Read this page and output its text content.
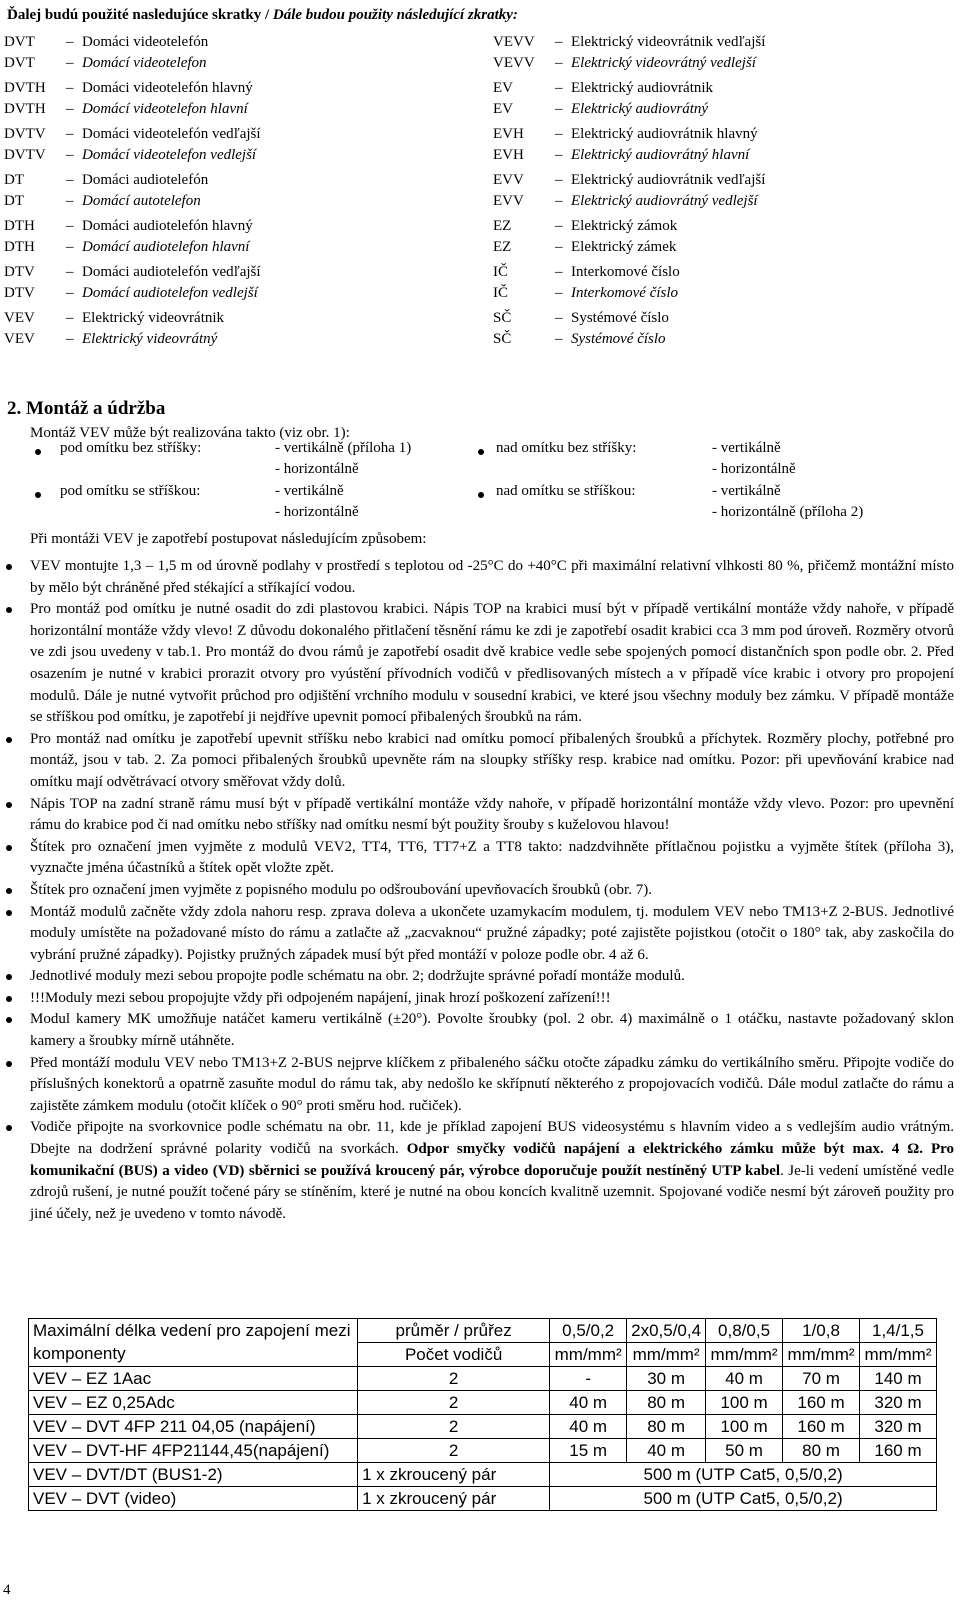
Ďalej budú použité nasledujúce skratky / Dále budou použity následující zkratky:
DVT	– Domáci videotelefón
DVT	– Domácí videotelefon
DVTH	– Domáci videotelefón hlavný
DVTH	– Domácí videotelefon hlavní
DVTV	– Domáci videotelefón vedľajší
DVTV	– Domácí videotelefon vedlejší
DT	– Domáci audiotelefón
DT	– Domácí autotelefon
DTH	– Domáci audiotelefón hlavný
DTH	– Domácí audiotelefon hlavní
DTV	– Domáci audiotelefón vedľajší
DTV	– Domácí audiotelefon vedlejší
VEV	– Elektrický videovrátnik
VEV	– Elektrický videovrátný
VEVV	– Elektrický videovrátnik vedľajší
VEVV	– Elektrický videovrátný vedlejší
EV	– Elektrický audiovrátnik
EV	– Elektrický audiovrátný
EVH	– Elektrický audiovrátnik hlavný
EVH	– Elektrický audiovrátný hlavní
EVV	– Elektrický audiovrátnik vedľajší
EVV	– Elektrický audiovrátný vedlejší
EZ	– Elektrický zámok
EZ	– Elektrický zámek
IČ	– Interkomové číslo
IČ	– Interkomové číslo
SČ	– Systémové číslo
SČ	– Systémové číslo
2. Montáž a údržba
Montáž VEV může být realizována takto (viz obr. 1):
pod omítku bez stříšky:	- vertikálně (příloha 1)
- horizontálně
pod omítku se stříškou:	- vertikálně
- horizontálně
nad omítku bez stříšky:	- vertikálně
- horizontálně
nad omítku se stříškou:	- vertikálně
- horizontálně (příloha 2)
Při montáži VEV je zapotřebí postupovat následujícím způsobem:
VEV montujte 1,3 – 1,5 m od úrovně podlahy v prostředí s teplotou od -25°C do +40°C při maximální relativní vlhkosti 80 %, přičemž montážní místo by mělo být chráněné před stékající a stříkající vodou.
Pro montáž pod omítku je nutné osadit do zdi plastovou krabici. Nápis TOP na krabici musí být v případě vertikální montáže vždy nahoře, v případě horizontální montáže vždy vlevo! Z důvodu dokonalého přitlačení těsnění rámu ke zdi je zapotřebí osadit krabici cca 3 mm pod úroveň. Rozměry otvorů ve zdi jsou uvedeny v tab.1. Pro montáž do dvou rámů je zapotřebí osadit dvě krabice vedle sebe spojených pomocí distančních spon podle obr. 2. Před osazením je nutné v krabici prorazit otvory pro vyústění přívodních vodičů v předlisovaných místech a v případě více krabic i otvory pro propojení modulů. Dále je nutné vytvořit průchod pro odjištění vrchního modulu v sousední krabici, ve které jsou všechny moduly bez zámku. V případě montáže se stříškou pod omítku, je zapotřebí ji nejdříve upevnit pomocí přibalených šroubků na rám.
Pro montáž nad omítku je zapotřebí upevnit stříšku nebo krabici nad omítku pomocí přibalených šroubků a příchytek. Rozměry plochy, potřebné pro montáž, jsou v tab. 2. Za pomoci přibalených šroubků upevněte rám na sloupky stříšky resp. krabice nad omítku. Pozor: při upevňování krabice nad omítku mají odvětrávací otvory směřovat vždy dolů.
Nápis TOP na zadní straně rámu musí být v případě vertikální montáže vždy nahoře, v případě horizontální montáže vždy vlevo. Pozor: pro upevnění rámu do krabice pod či nad omítku nebo stříšky nad omítku nesmí být použity šrouby s kuželovou hlavou!
Štítek pro označení jmen vyjměte z modulů VEV2, TT4, TT6, TT7+Z a TT8 takto: nadzdvihněte přítlačnou pojistku a vyjměte štítek (příloha 3), vyznačte jména účastníků a štítek opět vložte zpět.
Štítek pro označení jmen vyjměte z popisného modulu po odšroubování upevňovacích šroubků (obr. 7).
Montáž modulů začněte vždy zdola nahoru resp. zprava doleva a ukončete uzamykacím modulem, tj. modulem VEV nebo TM13+Z 2-BUS. Jednotlivé moduly umístěte na požadované místo do rámu a zatlačte až „zacvaknou“ pružné západky; poté zajistěte pojistkou (otočit o 180° tak, aby zaskočila do vybrání pružné západky). Pojistky pružných západek musí být před montáží v poloze podle obr. 4 až 6.
Jednotlivé moduly mezi sebou propojte podle schématu na obr. 2; dodržujte správné pořadí montáže modulů.
!!!Moduly mezi sebou propojujte vždy při odpojeném napájení, jinak hrozí poškození zařízení!!!
Modul kamery MK umožňuje natáčet kameru vertikálně (±20°). Povolte šroubky (pol. 2 obr. 4) maximálně o 1 otáčku, nastavte požadovaný sklon kamery a šroubky mírně utáhněte.
Před montáží modulu VEV nebo TM13+Z 2-BUS nejprve klíčkem z přibaleného sáčku otočte západku zámku do vertikálního směru. Připojte vodiče do příslušných konektorů a opatrně zasuňte modul do rámu tak, aby nedošlo ke skřípnutí některého z propojovacích vodičů. Dále modul zatlačte do rámu a zajistěte zámkem modulu (otočit klíček o 90° proti směru hod. ručiček).
Vodiče připojte na svorkovnice podle schématu na obr. 11, kde je příklad zapojení BUS videosystému s hlavním video a s vedlejším audio vrátným. Dbejte na dodržení správné polarity vodičů na svorkách. Odpor smyčky vodičů napájení a elektrického zámku může být max. 4 Ω. Pro komunikační (BUS) a video (VD) sběrnici se používá kroucený pár, výrobce doporučuje použít nestíněný UTP kabel. Je-li vedení umístěné vedle zdrojů rušení, je nutné použít točené páry se stíněním, které je nutné na obou koncích kvalitně uzemnit. Spojované vodiče nesmí být zároveň použity pro jiné účely, než je uvedeno v tomto návodě.
Maximální délka vedení pro zapojení mezi komponenty	průměr / průřez	0,5/0,2	2x0,5/0,4	0,8/0,5	1/0,8	1,4/1,5
	Počet vodičů	mm/mm²	mm/mm²	mm/mm²	mm/mm²	mm/mm²
VEV – EZ 1Aac	2	-	30 m	40 m	70 m	140 m
VEV – EZ 0,25Adc	2	40 m	80 m	100 m	160 m	320 m
VEV – DVT 4FP 211 04,05 (napájení)	2	40 m	80 m	100 m	160 m	320 m
VEV – DVT-HF 4FP21144,45(napájení)	2	15 m	40 m	50 m	80 m	160 m
VEV – DVT/DT (BUS1-2)	1 x zkroucený pár	500 m (UTP Cat5, 0,5/0,2)				
VEV – DVT (video)	1 x zkroucený pár	500 m (UTP Cat5, 0,5/0,2)				
4
